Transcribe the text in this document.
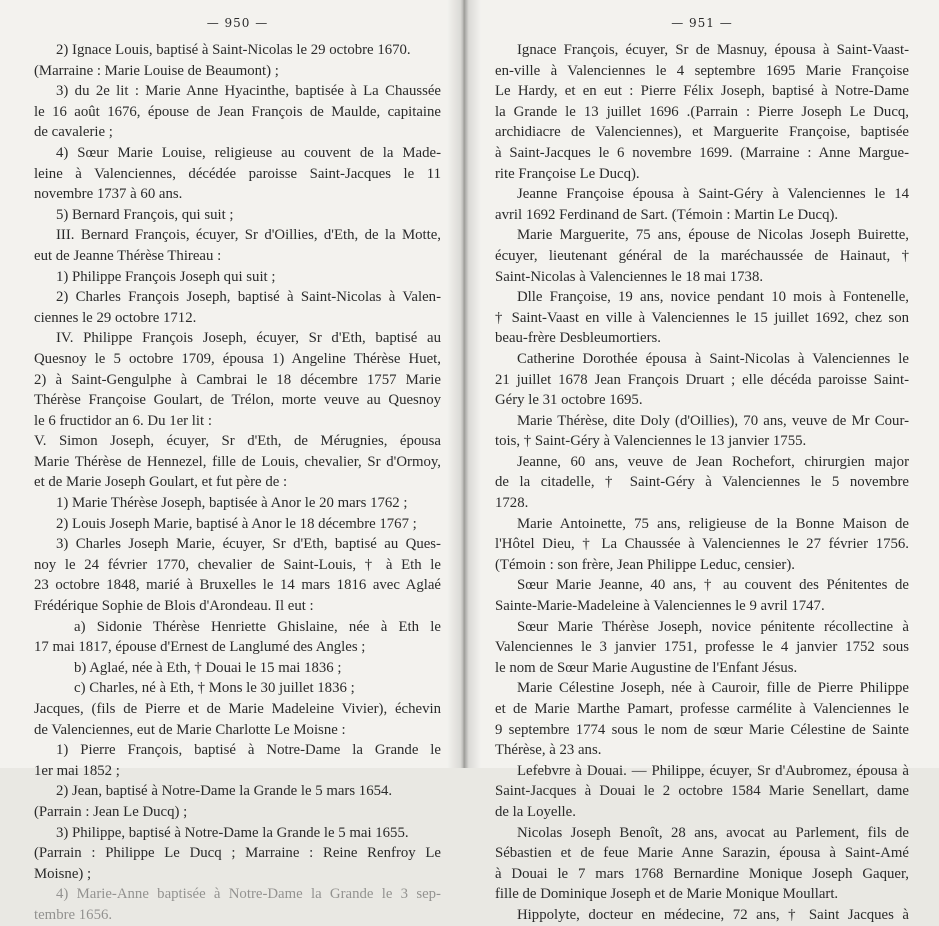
— 950 —
2) Ignace Louis, baptisé à Saint-Nicolas le 29 octobre 1670.
(Marraine : Marie Louise de Beaumont) ;
3) du 2e lit : Marie Anne Hyacinthe, baptisée à La Chaussée
le 16 août 1676, épouse de Jean François de Maulde, capitaine
de cavalerie ;
4) Sœur Marie Louise, religieuse au couvent de la Made-
leine à Valenciennes, décédée paroisse Saint-Jacques le 11
novembre 1737 à 60 ans.
5) Bernard François, qui suit ;
III. Bernard François, écuyer, Sr d'Oillies, d'Eth, de la Motte,
eut de Jeanne Thérèse Thireau :
1) Philippe François Joseph qui suit ;
2) Charles François Joseph, baptisé à Saint-Nicolas à Valen-
ciennes le 29 octobre 1712.
IV. Philippe François Joseph, écuyer, Sr d'Eth, baptisé au
Quesnoy le 5 octobre 1709, épousa 1) Angeline Thérèse Huet,
2) à Saint-Gengulphe à Cambrai le 18 décembre 1757 Marie
Thérèse Françoise Goulart, de Trélon, morte veuve au Quesnoy
le 6 fructidor an 6. Du 1er lit :
V. Simon Joseph, écuyer, Sr d'Eth, de Mérugnies, épousa
Marie Thérèse de Hennezel, fille de Louis, chevalier, Sr d'Ormoy,
et de Marie Joseph Goulart, et fut père de :
1) Marie Thérèse Joseph, baptisée à Anor le 20 mars 1762 ;
2) Louis Joseph Marie, baptisé à Anor le 18 décembre 1767 ;
3) Charles Joseph Marie, écuyer, Sr d'Eth, baptisé au Ques-
noy le 24 février 1770, chevalier de Saint-Louis, † à Eth le
23 octobre 1848, marié à Bruxelles le 14 mars 1816 avec Aglaé
Frédérique Sophie de Blois d'Arondeau. Il eut :
a) Sidonie Thérèse Henriette Ghislaine, née à Eth le
17 mai 1817, épouse d'Ernest de Langlumé des Angles ;
b) Aglaé, née à Eth, † Douai le 15 mai 1836 ;
c) Charles, né à Eth, † Mons le 30 juillet 1836 ;
Jacques, (fils de Pierre et de Marie Madeleine Vivier), échevin
de Valenciennes, eut de Marie Charlotte Le Moisne :
1) Pierre François, baptisé à Notre-Dame la Grande le
1er mai 1852 ;
2) Jean, baptisé à Notre-Dame la Grande le 5 mars 1654.
(Parrain : Jean Le Ducq) ;
3) Philippe, baptisé à Notre-Dame la Grande le 5 mai 1655.
(Parrain : Philippe Le Ducq ; Marraine : Reine Renfroy Le
Moisne) ;
4) Marie-Anne baptisée à Notre-Dame la Grande le 3 sep-
tembre 1656.
— 951 —
Ignace François, écuyer, Sr de Masnuy, épousa à Saint-Vaast-
en-ville à Valenciennes le 4 septembre 1695 Marie Françoise
Le Hardy, et en eut : Pierre Félix Joseph, baptisé à Notre-Dame
la Grande le 13 juillet 1696 .(Parrain : Pierre Joseph Le Ducq,
archidiacre de Valenciennes), et Marguerite Françoise, baptisée
à Saint-Jacques le 6 novembre 1699. (Marraine : Anne Margue-
rite Françoise Le Ducq).
Jeanne Françoise épousa à Saint-Géry à Valenciennes le 14
avril 1692 Ferdinand de Sart. (Témoin : Martin Le Ducq).
Marie Marguerite, 75 ans, épouse de Nicolas Joseph Buirette,
écuyer, lieutenant général de la maréchaussée de Hainaut, †
Saint-Nicolas à Valenciennes le 18 mai 1738.
Dlle Françoise, 19 ans, novice pendant 10 mois à Fontenelle,
† Saint-Vaast en ville à Valenciennes le 15 juillet 1692, chez son
beau-frère Desbleumortiers.
Catherine Dorothée épousa à Saint-Nicolas à Valenciennes le
21 juillet 1678 Jean François Druart ; elle décéda paroisse Saint-
Géry le 31 octobre 1695.
Marie Thérèse, dite Doly (d'Oillies), 70 ans, veuve de Mr Cour-
tois, † Saint-Géry à Valenciennes le 13 janvier 1755.
Jeanne, 60 ans, veuve de Jean Rochefort, chirurgien major
de la citadelle, † Saint-Géry à Valenciennes le 5 novembre
1728.
Marie Antoinette, 75 ans, religieuse de la Bonne Maison de
l'Hôtel Dieu, † La Chaussée à Valenciennes le 27 février 1756.
(Témoin : son frère, Jean Philippe Leduc, censier).
Sœur Marie Jeanne, 40 ans, † au couvent des Pénitentes de
Sainte-Marie-Madeleine à Valenciennes le 9 avril 1747.
Sœur Marie Thérèse Joseph, novice pénitente récollectine à
Valenciennes le 3 janvier 1751, professe le 4 janvier 1752 sous
le nom de Sœur Marie Augustine de l'Enfant Jésus.
Marie Célestine Joseph, née à Cauroir, fille de Pierre Philippe
et de Marie Marthe Pamart, professe carmélite à Valenciennes le
9 septembre 1774 sous le nom de sœur Marie Célestine de Sainte
Thérèse, à 23 ans.
Lefebvre à Douai. — Philippe, écuyer, Sr d'Aubromez, épousa à
Saint-Jacques à Douai le 2 octobre 1584 Marie Senellart, dame
de la Loyelle.
Nicolas Joseph Benoît, 28 ans, avocat au Parlement, fils de
Sébastien et de feue Marie Anne Sarazin, épousa à Saint-Amé
à Douai le 7 mars 1768 Bernardine Monique Joseph Gaquer,
fille de Dominique Joseph et de Marie Monique Moullart.
Hippolyte, docteur en médecine, 72 ans, † Saint Jacques à
